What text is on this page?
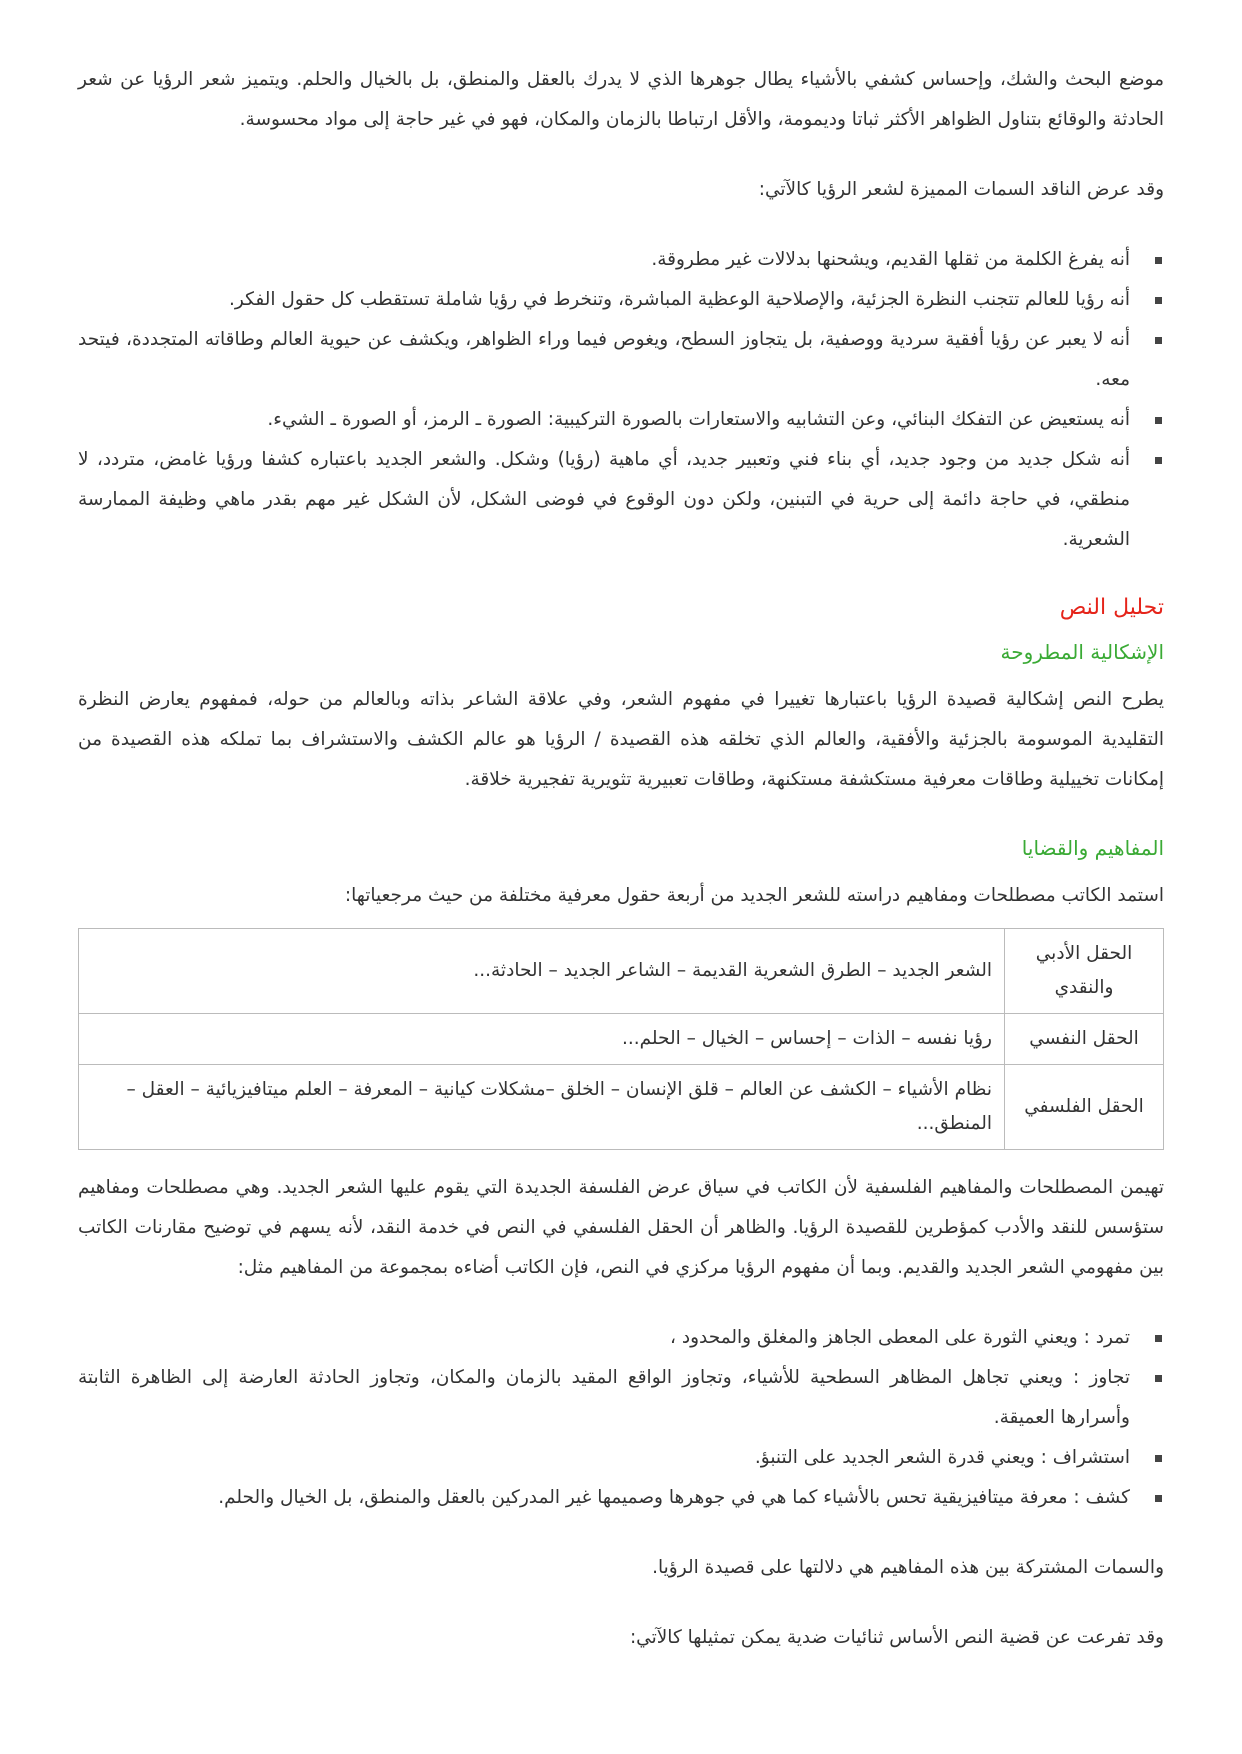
موضع البحث والشك، وإحساس كشفي بالأشياء يطال جوهرها الذي لا يدرك بالعقل والمنطق، بل بالخيال والحلم. ويتميز شعر الرؤيا عن شعر الحادثة والوقائع بتناول الظواهر الأكثر ثباتا وديمومة، والأقل ارتباطا بالزمان والمكان، فهو في غير حاجة إلى مواد محسوسة.

وقد عرض الناقد السمات المميزة لشعر الرؤيا كالآتي:

أنه يفرغ الكلمة من ثقلها القديم، ويشحنها بدلالات غير مطروقة.
أنه رؤيا للعالم تتجنب النظرة الجزئية، والإصلاحية الوعظية المباشرة، وتنخرط في رؤيا شاملة تستقطب كل حقول الفكر.
أنه لا يعبر عن رؤيا أفقية سردية ووصفية، بل يتجاوز السطح، ويغوص فيما وراء الظواهر، ويكشف عن حيوية العالم وطاقاته المتجددة، فيتحد معه.
أنه يستعيض عن التفكك البنائي، وعن التشابيه والاستعارات بالصورة التركيبية: الصورة ـ الرمز، أو الصورة ـ الشيء.
أنه شكل جديد من وجود جديد، أي بناء فني وتعبير جديد، أي ماهية (رؤيا) وشكل. والشعر الجديد باعتباره كشفا ورؤيا غامض، متردد، لا منطقي، في حاجة دائمة إلى حرية في التبنين، ولكن دون الوقوع في فوضى الشكل، لأن الشكل غير مهم بقدر ماهي وظيفة الممارسة الشعرية.
تحليل النص
الإشكالية المطروحة

يطرح النص إشكالية قصيدة الرؤيا باعتبارها تغييرا في مفهوم الشعر، وفي علاقة الشاعر بذاته وبالعالم من حوله، فمفهوم يعارض النظرة التقليدية الموسومة بالجزئية والأفقية، والعالم الذي تخلقه هذه القصيدة / الرؤيا هو عالم الكشف والاستشراف بما تملكه هذه القصيدة من إمكانات تخييلية وطاقات معرفية مستكشفة مستكنهة، وطاقات تعبيرية تثويرية تفجيرية خلاقة.

المفاهيم والقضايا

استمد الكاتب مصطلحات ومفاهيم دراسته للشعر الجديد من أربعة حقول معرفية مختلفة من حيث مرجعياتها:

الحقل الأدبي والنقدي	الشعر الجديد – الطرق الشعرية القديمة – الشاعر الجديد – الحادثة...
الحقل النفسي	رؤيا نفسه – الذات – إحساس – الخيال – الحلم...
الحقل الفلسفي	نظام الأشياء – الكشف عن العالم – قلق الإنسان – الخلق –مشكلات كيانية – المعرفة – العلم ميتافيزيائية – العقل – المنطق...

تهيمن المصطلحات والمفاهيم الفلسفية لأن الكاتب في سياق عرض الفلسفة الجديدة التي يقوم عليها الشعر الجديد. وهي مصطلحات ومفاهيم ستؤسس للنقد والأدب كمؤطرين للقصيدة الرؤيا. والظاهر أن الحقل الفلسفي في النص في خدمة النقد، لأنه يسهم في توضيح مقارنات الكاتب بين مفهومي الشعر الجديد والقديم. وبما أن مفهوم الرؤيا مركزي في النص، فإن الكاتب أضاءه بمجموعة من المفاهيم مثل:

تمرد : ويعني الثورة على المعطى الجاهز والمغلق والمحدود ،
تجاوز : ويعني تجاهل المظاهر السطحية للأشياء، وتجاوز الواقع المقيد بالزمان والمكان، وتجاوز الحادثة العارضة إلى الظاهرة الثابتة وأسرارها العميقة.
استشراف : ويعني قدرة الشعر الجديد على التنبؤ.
كشف : معرفة ميتافيزيقية تحس بالأشياء كما هي في جوهرها وصميمها غير المدركين بالعقل والمنطق، بل الخيال والحلم.

والسمات المشتركة بين هذه المفاهيم هي دلالتها على قصيدة الرؤيا.

وقد تفرعت عن قضية النص الأساس ثنائيات ضدية يمكن تمثيلها كالآتي:
